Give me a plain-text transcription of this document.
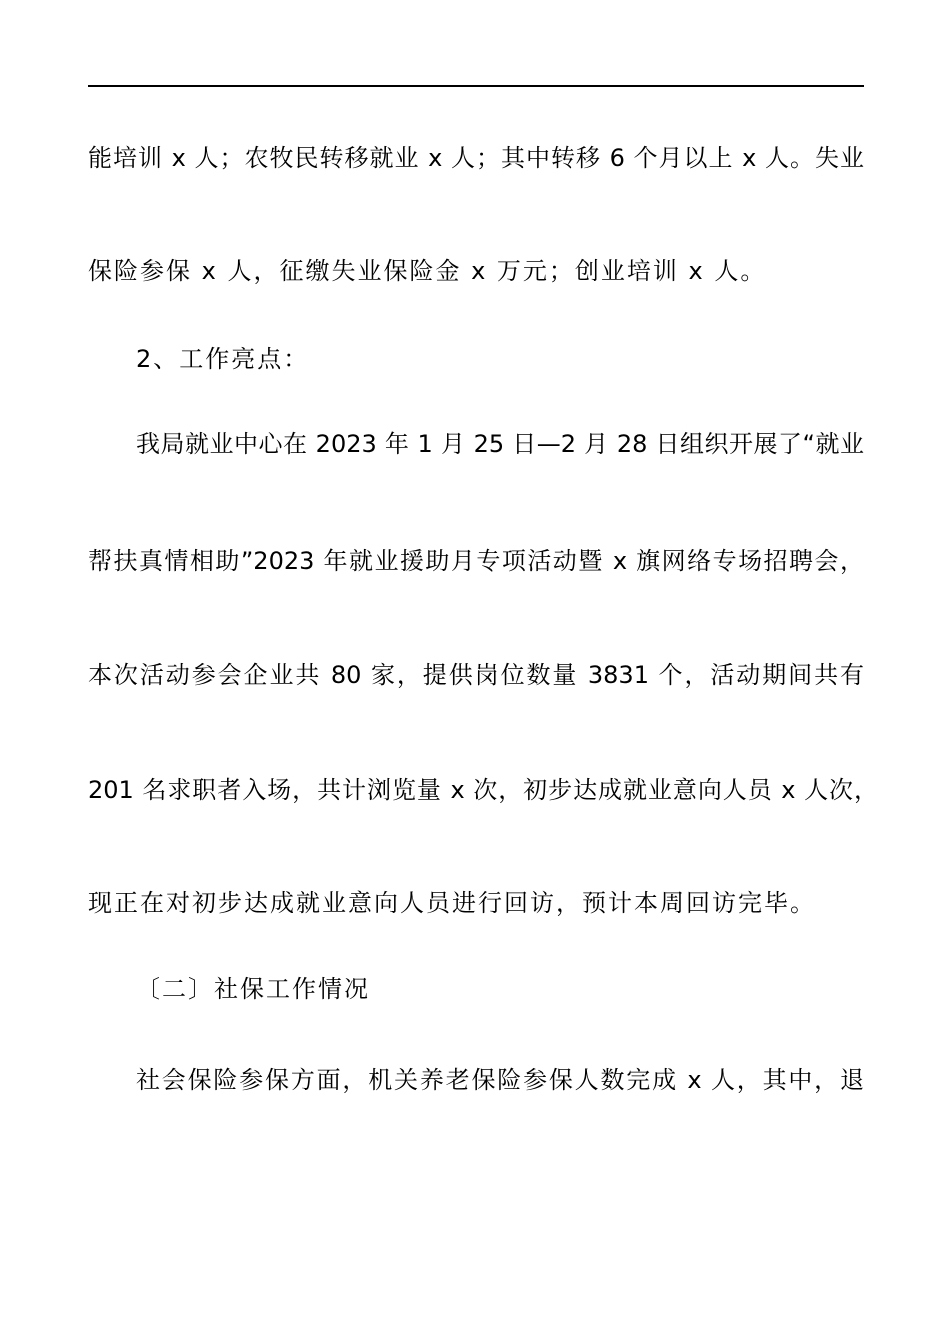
能培训 x 人；农牧民转移就业 x 人；其中转移 6 个月以上 x 人。失业
保险参保 x 人，征缴失业保险金 x 万元；创业培训 x 人。
2、工作亮点：
我局就业中心在 2023 年 1 月 25 日—2 月 28 日组织开展了“就业
帮扶真情相助”2023 年就业援助月专项活动暨 x 旗网络专场招聘会，
本次活动参会企业共 80 家，提供岗位数量 3831 个，活动期间共有
201 名求职者入场，共计浏览量 x 次，初步达成就业意向人员 x 人次，
现正在对初步达成就业意向人员进行回访，预计本周回访完毕。
〔二〕社保工作情况
社会保险参保方面，机关养老保险参保人数完成 x 人，其中，退
